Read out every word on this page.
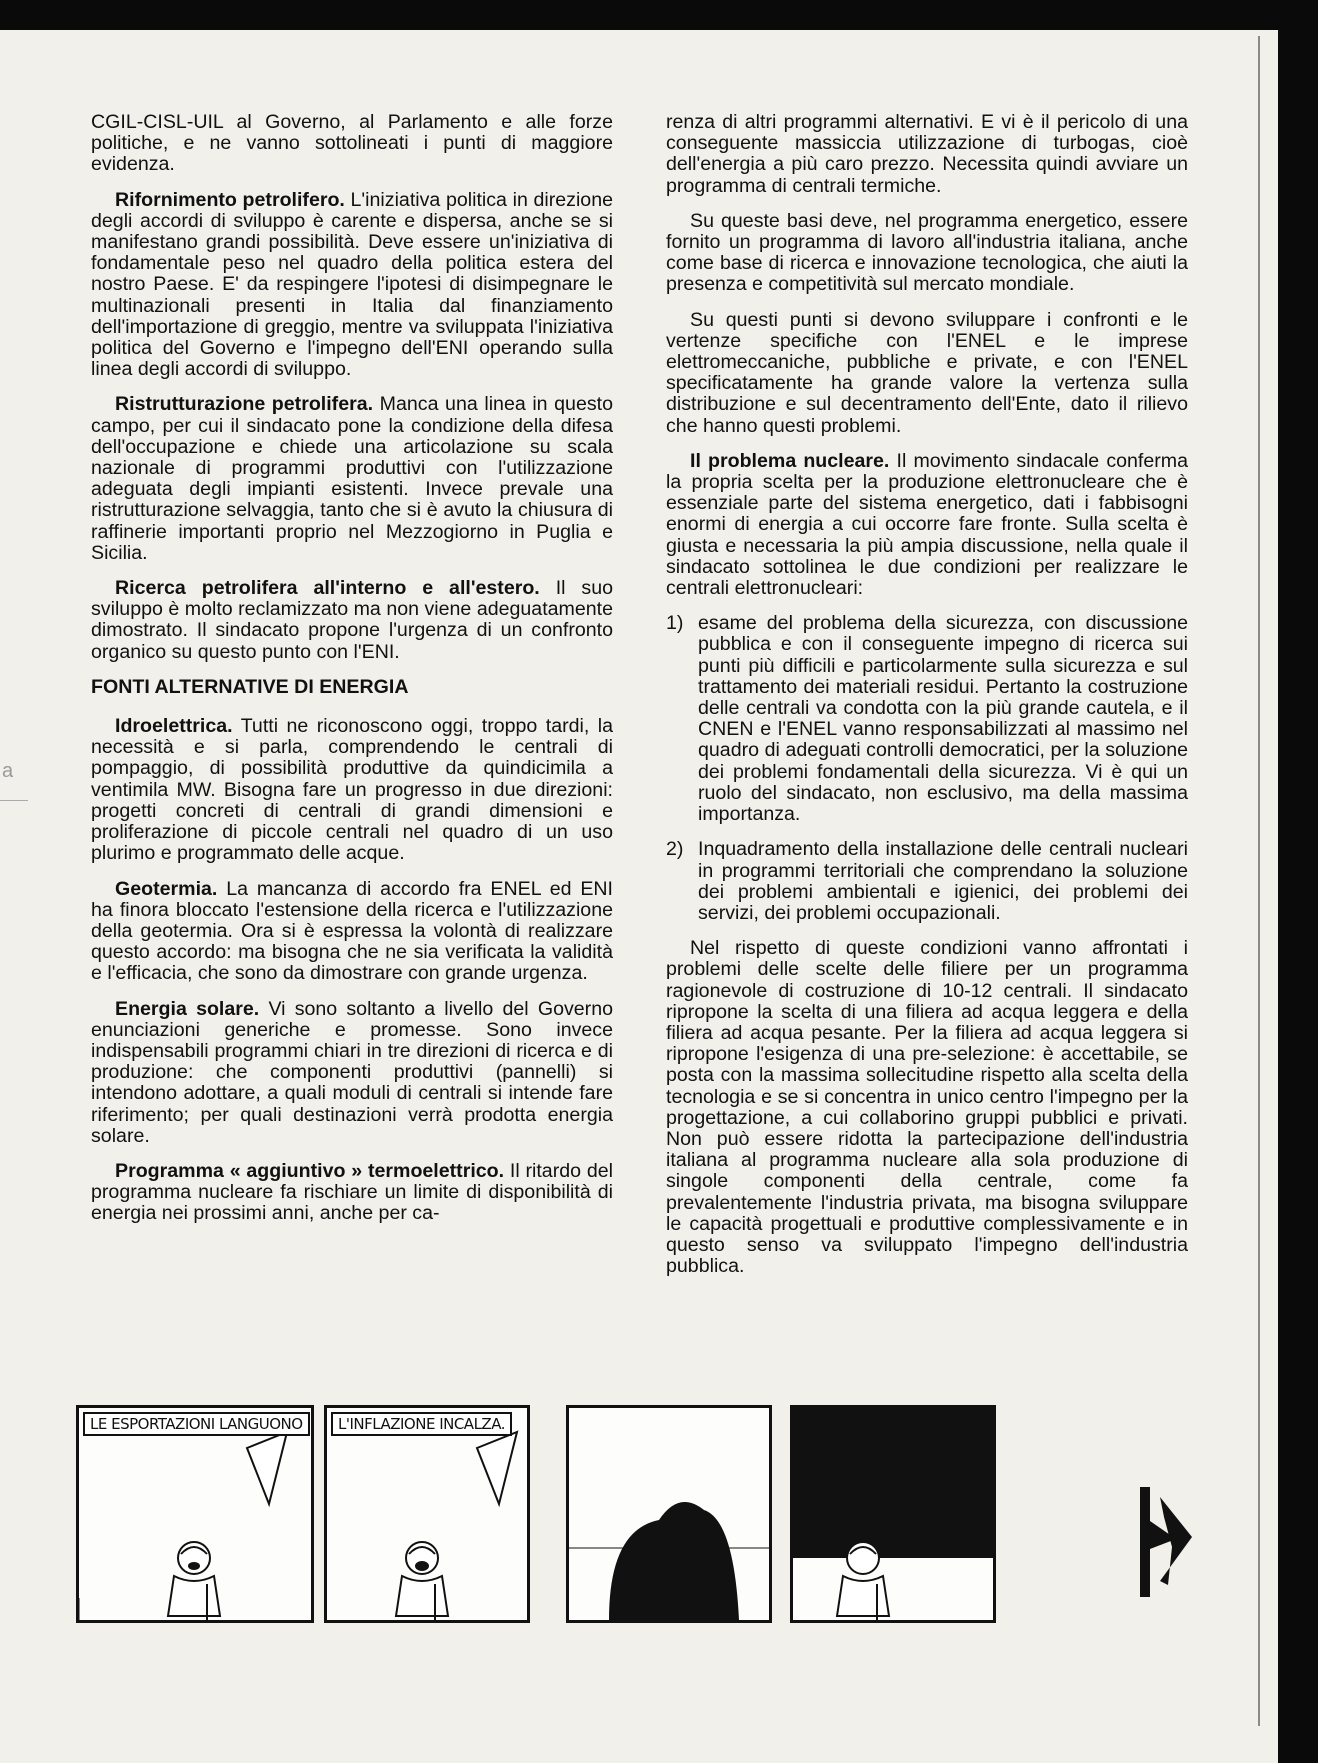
a

CGIL-CISL-UIL al Governo, al Parlamento e alle forze politiche, e ne vanno sottolineati i punti di maggiore evidenza.

Rifornimento petrolifero. L'iniziativa politica in direzione degli accordi di sviluppo è carente e dispersa, anche se si manifestano grandi possibilità. Deve essere un'iniziativa di fondamentale peso nel quadro della politica estera del nostro Paese. E' da respingere l'ipotesi di disimpegnare le multinazionali presenti in Italia dal finanziamento dell'importazione di greggio, mentre va sviluppata l'iniziativa politica del Governo e l'impegno dell'ENI operando sulla linea degli accordi di sviluppo.

Ristrutturazione petrolifera. Manca una linea in questo campo, per cui il sindacato pone la condizione della difesa dell'occupazione e chiede una articolazione su scala nazionale di programmi produttivi con l'utilizzazione adeguata degli impianti esistenti. Invece prevale una ristrutturazione selvaggia, tanto che si è avuto la chiusura di raffinerie importanti proprio nel Mezzogiorno in Puglia e Sicilia.

Ricerca petrolifera all'interno e all'estero. Il suo sviluppo è molto reclamizzato ma non viene adeguatamente dimostrato. Il sindacato propone l'urgenza di un confronto organico su questo punto con l'ENI.

FONTI ALTERNATIVE DI ENERGIA

Idroelettrica. Tutti ne riconoscono oggi, troppo tardi, la necessità e si parla, comprendendo le centrali di pompaggio, di possibilità produttive da quindicimila a ventimila MW. Bisogna fare un progresso in due direzioni: progetti concreti di centrali di grandi dimensioni e proliferazione di piccole centrali nel quadro di un uso plurimo e programmato delle acque.

Geotermia. La mancanza di accordo fra ENEL ed ENI ha finora bloccato l'estensione della ricerca e l'utilizzazione della geotermia. Ora si è espressa la volontà di realizzare questo accordo: ma bisogna che ne sia verificata la validità e l'efficacia, che sono da dimostrare con grande urgenza.

Energia solare. Vi sono soltanto a livello del Governo enunciazioni generiche e promesse. Sono invece indispensabili programmi chiari in tre direzioni di ricerca e di produzione: che componenti produttivi (pannelli) si intendono adottare, a quali moduli di centrali si intende fare riferimento; per quali destinazioni verrà prodotta energia solare.

Programma « aggiuntivo » termoelettrico. Il ritardo del programma nucleare fa rischiare un limite di disponibilità di energia nei prossimi anni, anche per ca-

renza di altri programmi alternativi. E vi è il pericolo di una conseguente massiccia utilizzazione di turbogas, cioè dell'energia a più caro prezzo. Necessita quindi avviare un programma di centrali termiche.

Su queste basi deve, nel programma energetico, essere fornito un programma di lavoro all'industria italiana, anche come base di ricerca e innovazione tecnologica, che aiuti la presenza e competitività sul mercato mondiale.

Su questi punti si devono sviluppare i confronti e le vertenze specifiche con l'ENEL e le imprese elettromeccaniche, pubbliche e private, e con l'ENEL specificatamente ha grande valore la vertenza sulla distribuzione e sul decentramento dell'Ente, dato il rilievo che hanno questi problemi.

Il problema nucleare. Il movimento sindacale conferma la propria scelta per la produzione elettronucleare che è essenziale parte del sistema energetico, dati i fabbisogni enormi di energia a cui occorre fare fronte. Sulla scelta è giusta e necessaria la più ampia discussione, nella quale il sindacato sottolinea le due condizioni per realizzare le centrali elettronucleari:

1) esame del problema della sicurezza, con discussione pubblica e con il conseguente impegno di ricerca sui punti più difficili e particolarmente sulla sicurezza e sul trattamento dei materiali residui. Pertanto la costruzione delle centrali va condotta con la più grande cautela, e il CNEN e l'ENEL vanno responsabilizzati al massimo nel quadro di adeguati controlli democratici, per la soluzione dei problemi fondamentali della sicurezza. Vi è qui un ruolo del sindacato, non esclusivo, ma della massima importanza.
2) Inquadramento della installazione delle centrali nucleari in programmi territoriali che comprendano la soluzione dei problemi ambientali e igienici, dei problemi dei servizi, dei problemi occupazionali.

Nel rispetto di queste condizioni vanno affrontati i problemi delle scelte delle filiere per un programma ragionevole di costruzione di 10-12 centrali. Il sindacato ripropone la scelta di una filiera ad acqua leggera e della filiera ad acqua pesante. Per la filiera ad acqua leggera si ripropone l'esigenza di una pre-selezione: è accettabile, se posta con la massima sollecitudine rispetto alla scelta della tecnologia e se si concentra in unico centro l'impegno per la progettazione, a cui collaborino gruppi pubblici e privati. Non può essere ridotta la partecipazione dell'industria italiana al programma nucleare alla sola produzione di singole componenti della centrale, come fa prevalentemente l'industria privata, ma bisogna sviluppare le capacità progettuali e produttive complessivamente e in questo senso va sviluppato l'impegno dell'industria pubblica.

LE ESPORTAZIONI LANGUONO	L'INFLAZIONE INCALZA.
